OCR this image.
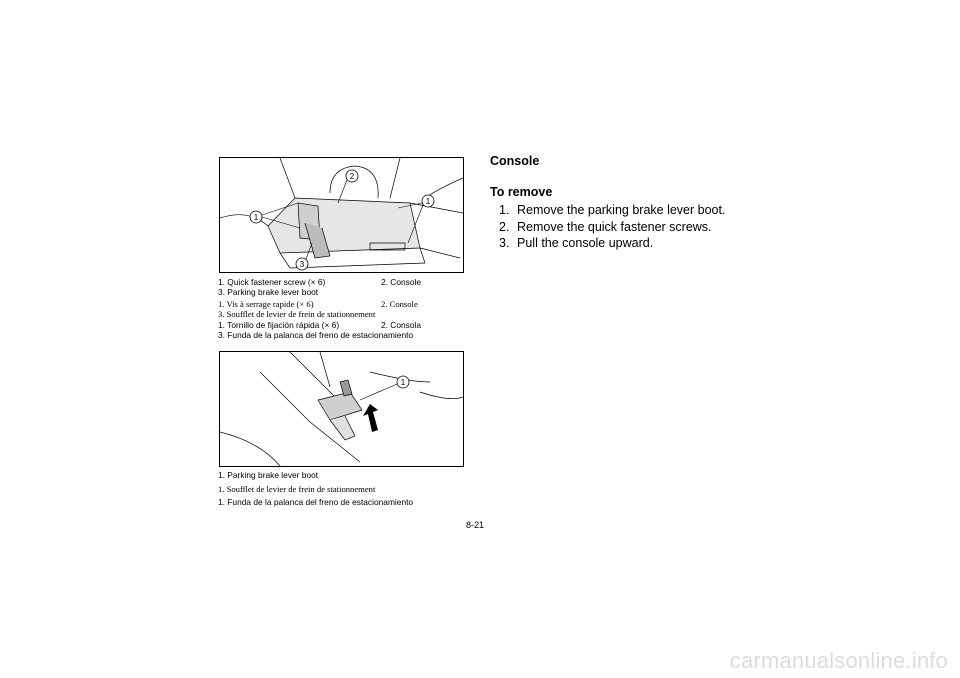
1
2
1
3
1. Quick fastener screw (× 6)	2. Console
3. Parking brake lever boot
1. Vis à serrage rapide (× 6)	2. Console
3. Soufflet de levier de frein de stationnement
1. Tornillo de fijación rápida (× 6)	2. Consola
3. Funda de la palanca del freno de estacionamiento
1
1. Parking brake lever boot
1. Soufflet de levier de frein de stationnement
1. Funda de la palanca del freno de estacionamiento
Console
To remove
1. Remove the parking brake lever boot.
2. Remove the quick fastener screws.
3. Pull the console upward.
8-21
carmanualsonline.info
